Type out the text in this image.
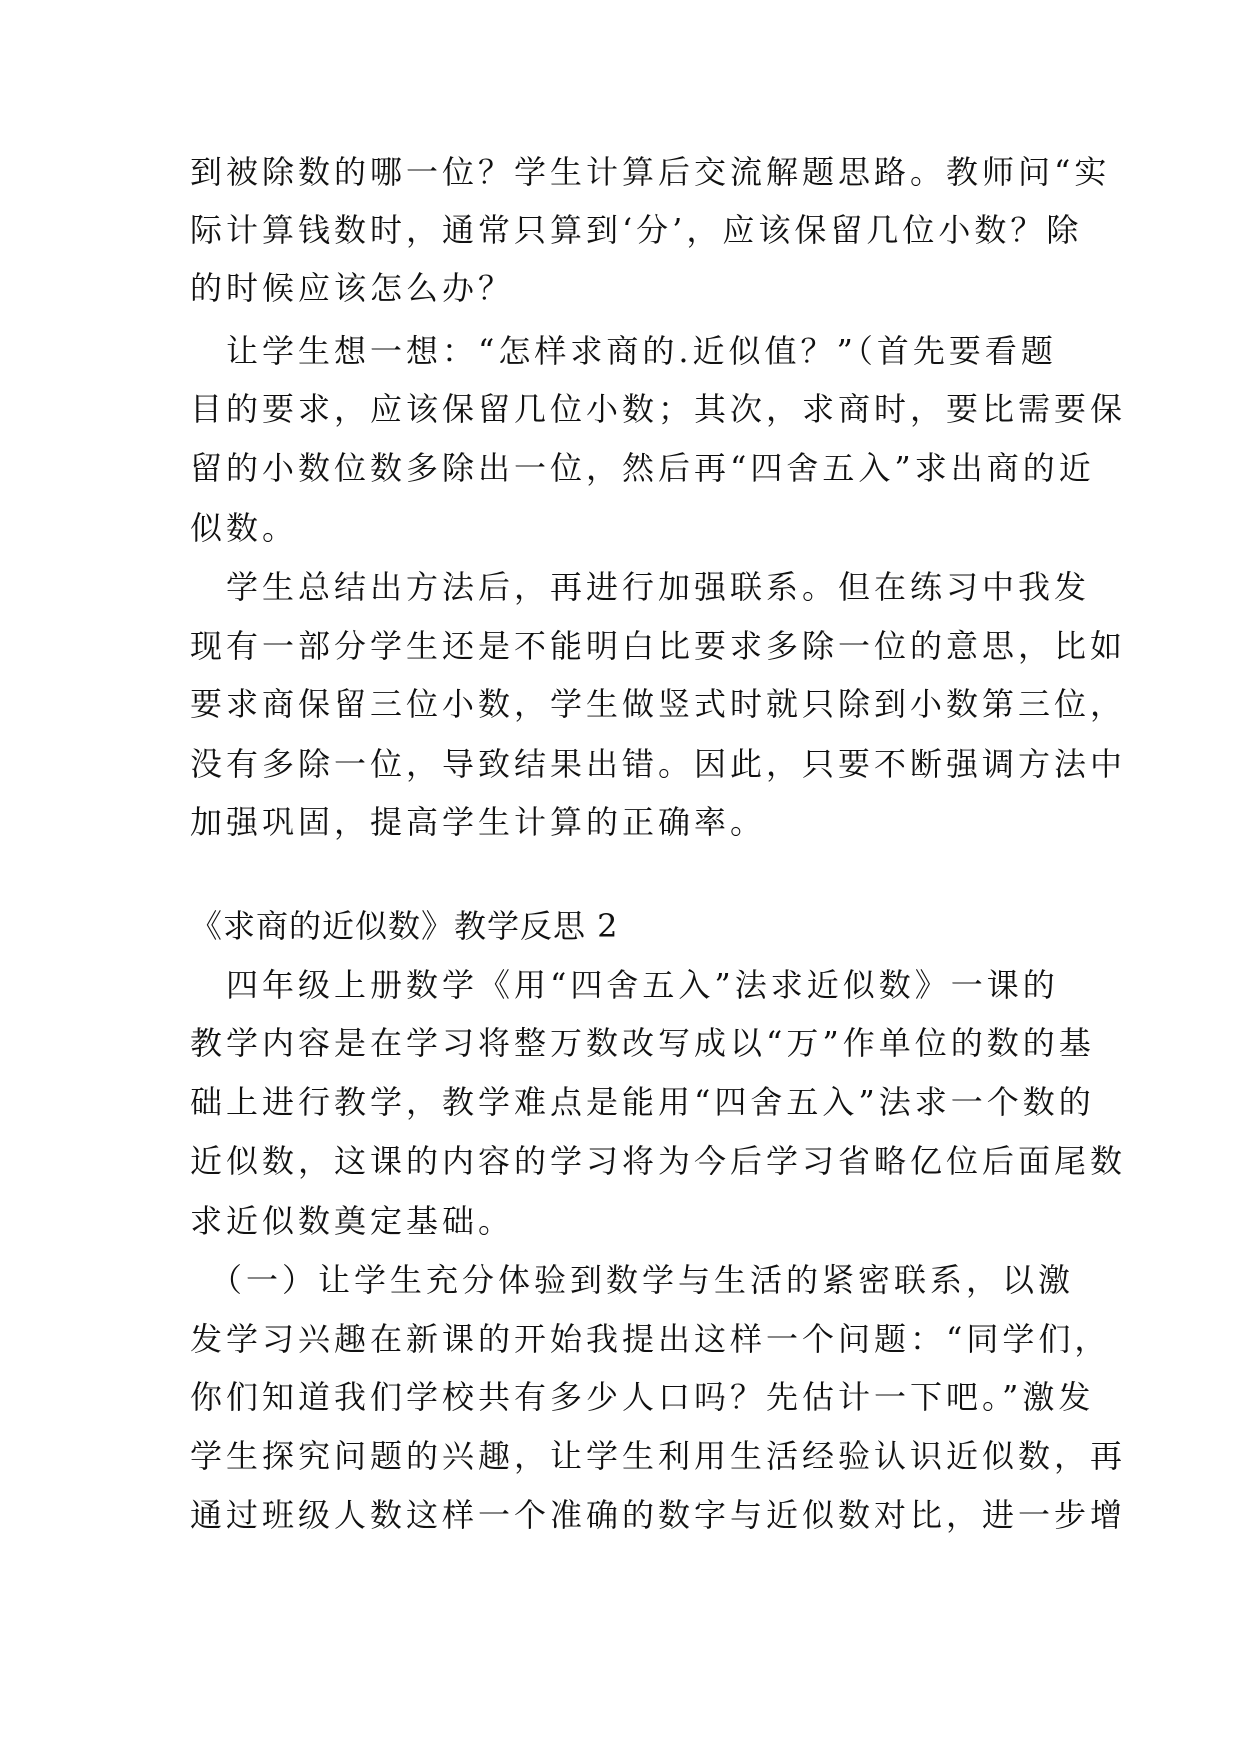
到被除数的哪一位？学生计算后交流解题思路。教师问“实
际计算钱数时，通常只算到‘分’，应该保留几位小数？除
的时候应该怎么办？
　让学生想一想：“怎样求商的.近似值？”（首先要看题
目的要求，应该保留几位小数；其次，求商时，要比需要保
留的小数位数多除出一位，然后再“四舍五入”求出商的近
似数。
　学生总结出方法后，再进行加强联系。但在练习中我发
现有一部分学生还是不能明白比要求多除一位的意思，比如
要求商保留三位小数，学生做竖式时就只除到小数第三位，
没有多除一位，导致结果出错。因此，只要不断强调方法中
加强巩固，提高学生计算的正确率。
《求商的近似数》教学反思 2
　四年级上册数学《用“四舍五入”法求近似数》一课的
教学内容是在学习将整万数改写成以“万”作单位的数的基
础上进行教学，教学难点是能用“四舍五入”法求一个数的
近似数，这课的内容的学习将为今后学习省略亿位后面尾数
求近似数奠定基础。
　（一）让学生充分体验到数学与生活的紧密联系，以激
发学习兴趣在新课的开始我提出这样一个问题：“同学们，
你们知道我们学校共有多少人口吗？先估计一下吧。”激发
学生探究问题的兴趣，让学生利用生活经验认识近似数，再
通过班级人数这样一个准确的数字与近似数对比，进一步增
